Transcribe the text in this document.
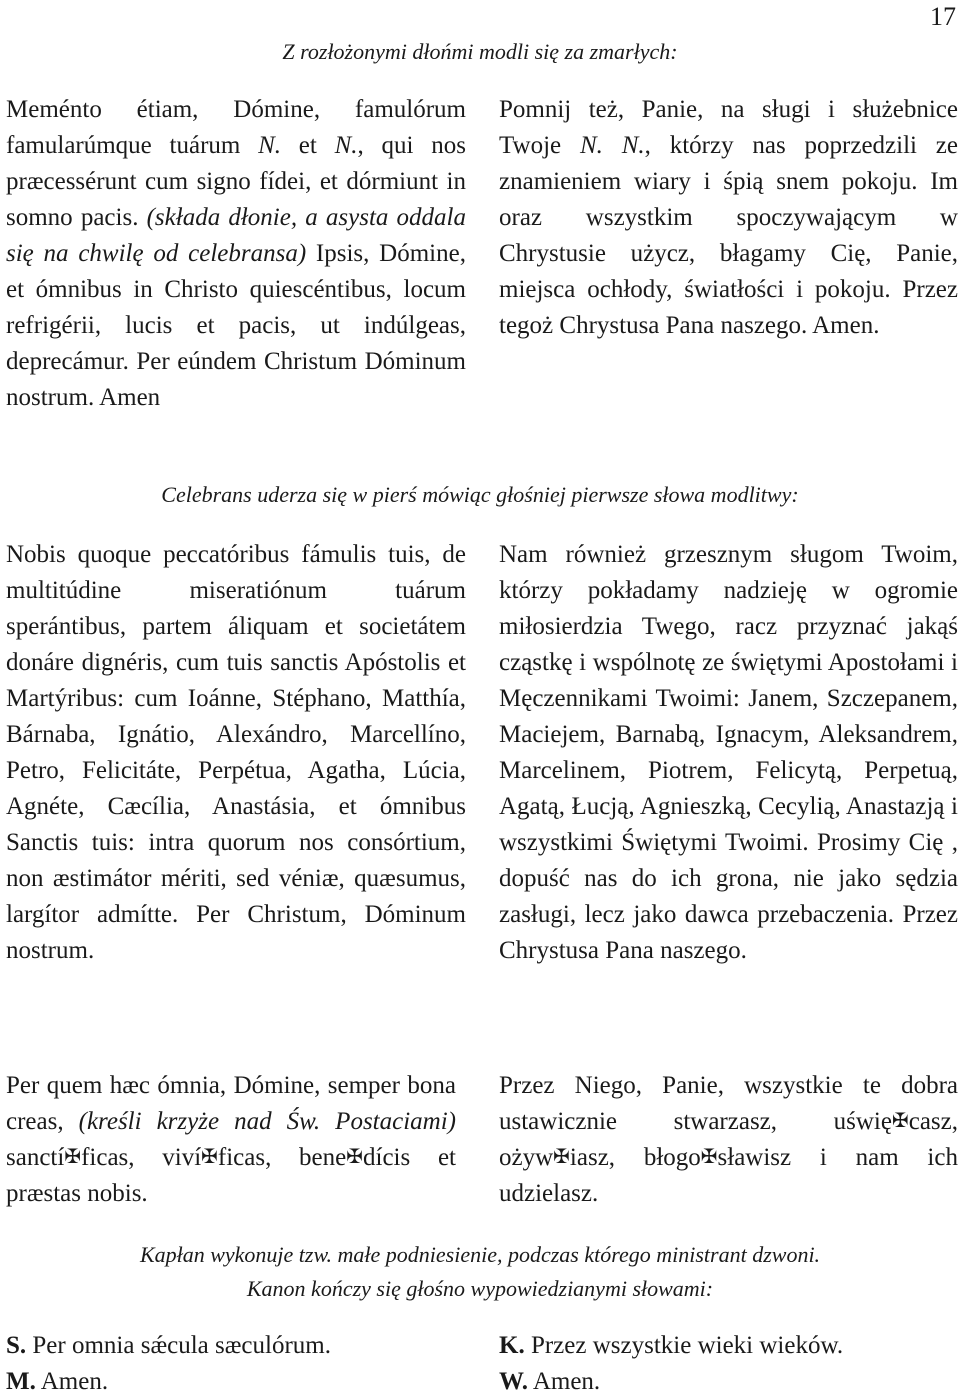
17
Z rozłożonymi dłońmi modli się za zmarłych:

Meménto étiam, Dómine, famulórum famularúmque tuárum N. et N., qui nos præcessérunt cum signo fídei, et dórmiunt in somno pacis. (składa dłonie, a asysta oddala się na chwilę od celebransa) Ipsis, Dómine, et ómnibus in Christo quiescéntibus, locum refrigérii, lucis et pacis, ut indúlgeas, deprecámur. Per eúndem Christum Dóminum nostrum. Amen

Pomnij też, Panie, na sługi i służebnice Twoje N. N., którzy nas poprzedzili ze znamieniem wiary i śpią snem pokoju. Im oraz wszystkim spoczywającym w Chrystusie użycz, błagamy Cię, Panie, miejsca ochłody, światłości i pokoju. Przez tegoż Chrystusa Pana naszego. Amen.

Celebrans uderza się w pierś mówiąc głośniej pierwsze słowa modlitwy:

Nobis quoque peccatóribus fámulis tuis, de multitúdine miseratiónum tuárum sperántibus, partem áliquam et societátem donáre dignéris, cum tuis sanctis Apóstolis et Martýribus: cum Ioánne, Stéphano, Matthía, Bárnaba, Ignátio, Alexándro, Marcellíno, Petro, Felicitáte, Perpétua, Agatha, Lúcia, Agnéte, Cæcília, Anastásia, et ómnibus Sanctis tuis: intra quorum nos consórtium, non æstimátor mériti, sed véniæ, quæsumus, largítor admítte. Per Christum, Dóminum nostrum.

Nam również grzesznym sługom Twoim, którzy pokładamy nadzieję w ogromie miłosierdzia Twego, racz przyznać jakąś cząstkę i wspólnotę ze świętymi Apostołami i Męczennikami Twoimi: Janem, Szczepanem, Maciejem, Barnabą, Ignacym, Aleksandrem, Marcelinem, Piotrem, Felicytą, Perpetuą, Agatą, Łucją, Agnieszką, Cecylią, Anastazją i wszystkimi Świętymi Twoimi. Prosimy Cię , dopuść nas do ich grona, nie jako sędzia zasługi, lecz jako dawca przebaczenia. Przez Chrystusa Pana naszego.

Per quem hæc ómnia, Dómine, semper bona creas, (kreśli krzyże nad Św. Postaciami) sanctí✠ficas, viví✠ficas, bene✠dícis et præstas nobis.

Przez Niego, Panie, wszystkie te dobra ustawicznie stwarzasz, uświę✠casz, ożyw✠iasz, błogo✠sławisz i nam ich udzielasz.

Kapłan wykonuje tzw. małe podniesienie, podczas którego ministrant dzwoni.
Kanon kończy się głośno wypowiedzianymi słowami:
S. Per omnia sǽcula sæculórum.
M. Amen.
K. Przez wszystkie wieki wieków.
W. Amen.
